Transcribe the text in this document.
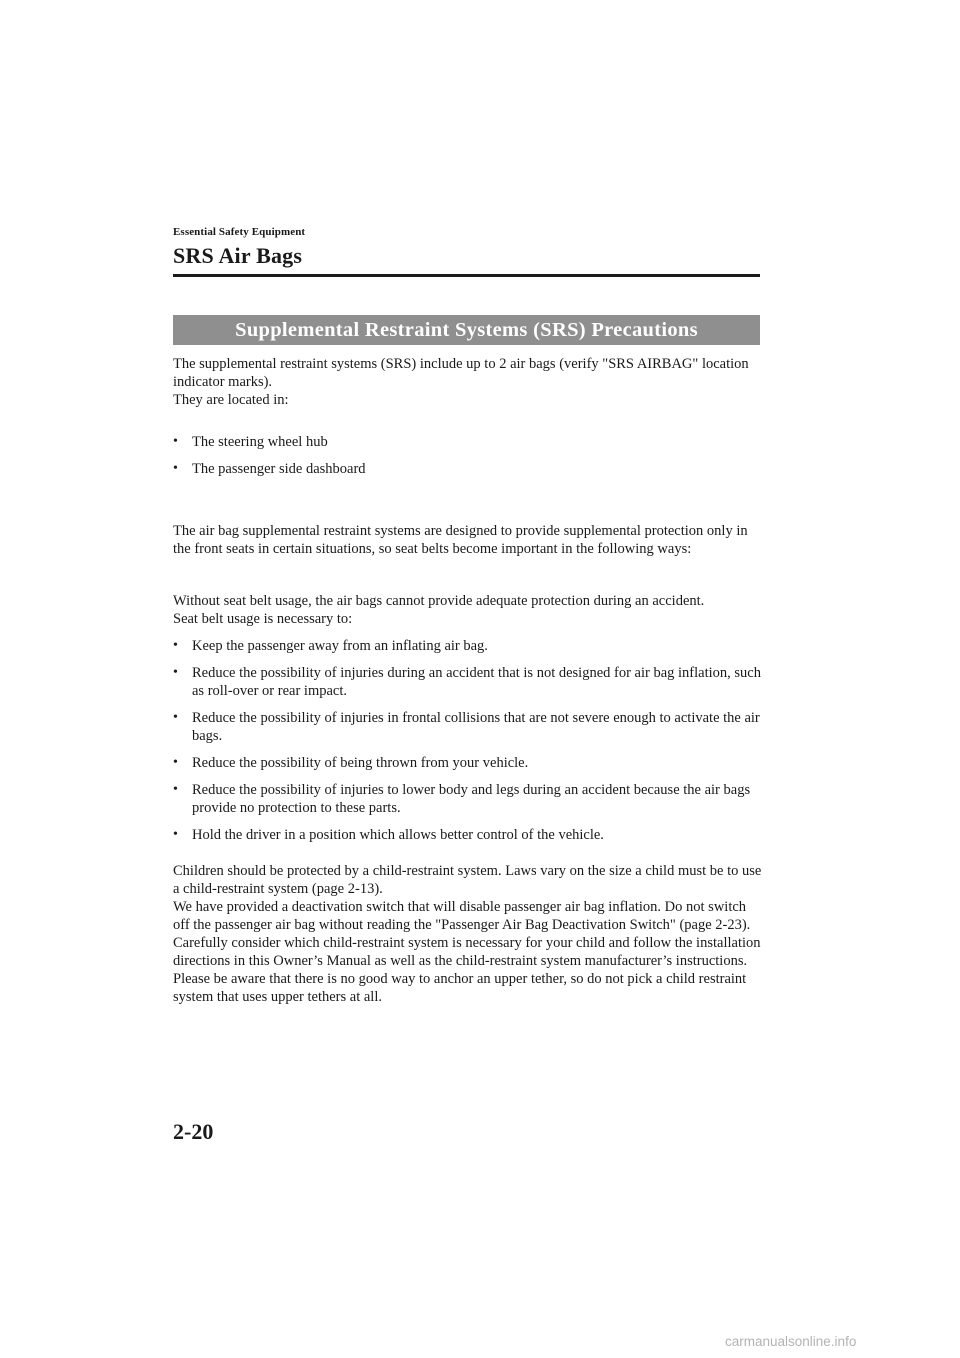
Essential Safety Equipment
SRS Air Bags
Supplemental Restraint Systems (SRS) Precautions

The supplemental restraint systems (SRS) include up to 2 air bags (verify "SRS AIRBAG" location indicator marks).
They are located in:

• The steering wheel hub
• The passenger side dashboard

The air bag supplemental restraint systems are designed to provide supplemental protection only in the front seats in certain situations, so seat belts become important in the following ways:

Without seat belt usage, the air bags cannot provide adequate protection during an accident.
Seat belt usage is necessary to:

• Keep the passenger away from an inflating air bag.
• Reduce the possibility of injuries during an accident that is not designed for air bag inflation, such as roll-over or rear impact.
• Reduce the possibility of injuries in frontal collisions that are not severe enough to activate the air bags.
• Reduce the possibility of being thrown from your vehicle.
• Reduce the possibility of injuries to lower body and legs during an accident because the air bags provide no protection to these parts.
• Hold the driver in a position which allows better control of the vehicle.
Children should be protected by a child-restraint system. Laws vary on the size a child must be to use a child-restraint system (page 2-13).
We have provided a deactivation switch that will disable passenger air bag inflation. Do not switch off the passenger air bag without reading the "Passenger Air Bag Deactivation Switch" (page 2-23).
Carefully consider which child-restraint system is necessary for your child and follow the installation directions in this Owner’s Manual as well as the child-restraint system manufacturer’s instructions.
Please be aware that there is no good way to anchor an upper tether, so do not pick a child restraint system that uses upper tethers at all.
2-20
carmanualsonline.info
